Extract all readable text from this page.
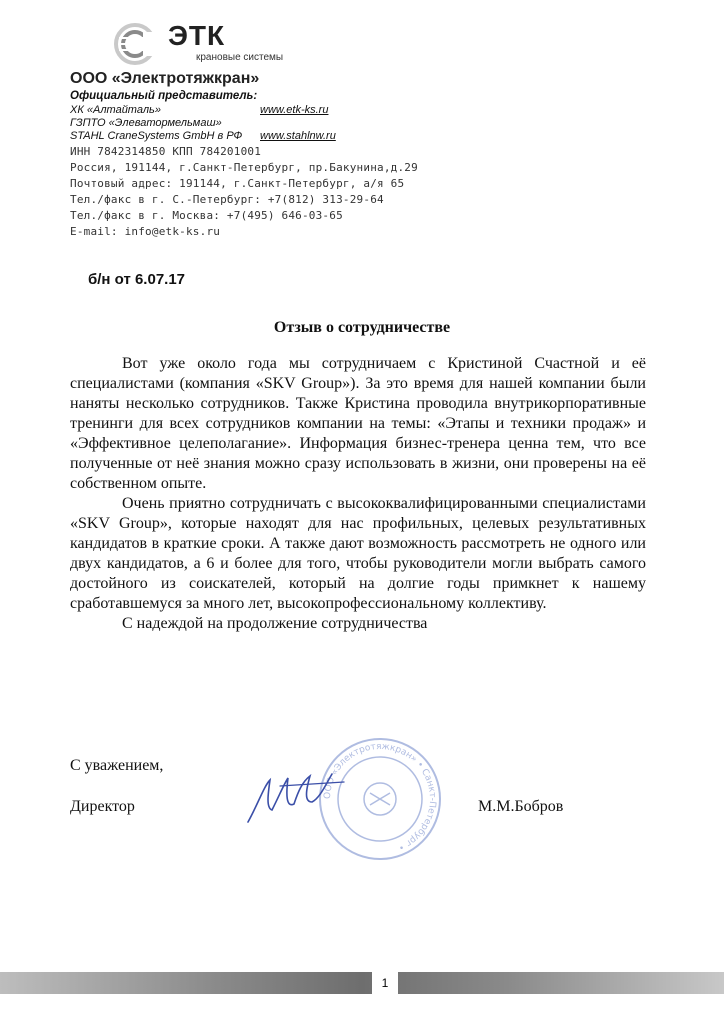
ЭТК
крановые системы
ООО «Электротяжкран»
Официальный представитель:
ХК «Алтайталь»	www.etk-ks.ru
ГЗПТО «Элеватормельмаш»
STAHL CraneSystems GmbH в РФ www.stahlnw.ru
ИНН 7842314850 КПП 784201001
Россия, 191144, г.Санкт-Петербург, пр.Бакунина,д.29
Почтовый адрес: 191144, г.Санкт-Петербург, а/я 65
Тел./факс в г. С.-Петербург: +7(812) 313-29-64
Тел./факс в г. Москва: +7(495) 646-03-65
E-mail: info@etk-ks.ru
б/н от 6.07.17
Отзыв о сотрудничестве

Вот уже около года мы сотрудничаем с Кристиной Счастной и её специалистами (компания «SKV Group»). За это время для нашей компании были наняты несколько сотрудников. Также Кристина проводила внутрикорпоративные тренинги для всех сотрудников компании на темы: «Этапы и техники продаж» и «Эффективное целеполагание». Информация бизнес-тренера ценна тем, что все полученные от неё знания можно сразу использовать в жизни, они проверены на её собственном опыте.

Очень приятно сотрудничать с высококвалифицированными специалистами «SKV Group», которые находят для нас профильных, целевых результативных кандидатов в краткие сроки. А также дают возможность рассмотреть не одного или двух кандидатов, а 6 и более для того, чтобы руководители могли выбрать самого достойного из соискателей, который на долгие годы примкнет к нашему сработавшемуся за много лет, высокопрофессиональному коллективу.

С надеждой на продолжение сотрудничества

С уважением,
Директор	М.М.Бобров
ООО «Электротяжкран» • Санкт-Петербург •
1
